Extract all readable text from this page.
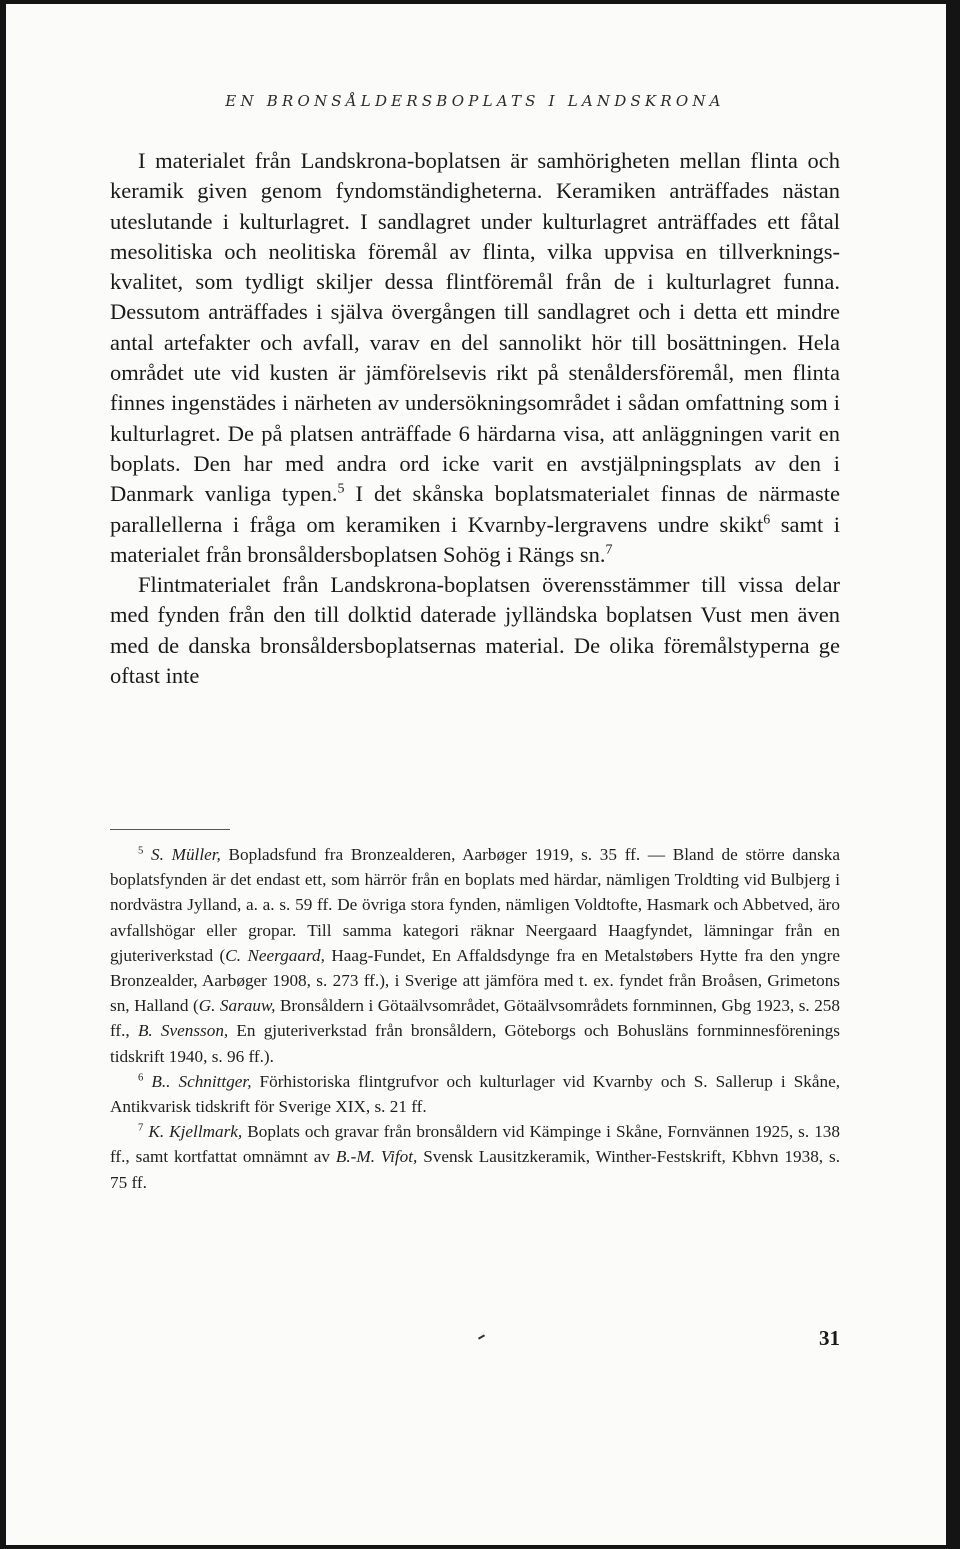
EN BRONSÅLDERSBOPLATS I LANDSKRONA

I materialet från Landskrona-boplatsen är samhörigheten mellan flinta och keramik given genom fyndomständigheterna. Keramiken anträffades nästan uteslutande i kulturlagret. I sandlagret under kulturlagret anträffades ett fåtal mesolitiska och neolitiska föremål av flinta, vilka uppvisa en tillverkningskvalitet, som tydligt skiljer dessa flintföremål från de i kulturlagret funna. Dessutom anträffades i själva övergången till sandlagret och i detta ett mindre antal artefakter och avfall, varav en del sannolikt hör till bosättningen. Hela området ute vid kusten är jämförelsevis rikt på stenåldersföremål, men flinta finnes ingenstädes i närheten av undersökningsområdet i sådan omfattning som i kulturlagret. De på platsen anträffade 6 härdarna visa, att anläggningen varit en boplats. Den har med andra ord icke varit en avstjälpningsplats av den i Danmark vanliga typen.$^5$ I det skånska boplatsmaterialet finnas de närmaste parallellerna i fråga om keramiken i Kvarnby-lergravens undre skikt$^6$ samt i materialet från bronsåldersboplatsen Sohög i Rängs sn.$^7$

Flintmaterialet från Landskrona-boplatsen överensstämmer till vissa delar med fynden från den till dolktid daterade jylländska boplatsen Vust men även med de danska bronsåldersboplatsernas material. De olika föremålstyperna ge oftast inte

$^5$ S. Müller, Bopladsfund fra Bronzealderen, Aarbøger 1919, s. 35 ff. — Bland de större danska boplatsfynden är det endast ett, som härrör från en boplats med härdar, nämligen Troldting vid Bulbjerg i nordvästra Jylland, a. a. s. 59 ff. De övriga stora fynden, nämligen Voldtofte, Hasmark och Abbetved, äro avfallshögar eller gropar. Till samma kategori räknar Neergaard Haagfyndet, lämningar från en gjuteriverkstad (C. Neergaard, Haag-Fundet, En Affaldsdynge fra en Metalstøbers Hytte fra den yngre Bronzealder, Aarbøger 1908, s. 273 ff.), i Sverige att jämföra med t. ex. fyndet från Broåsen, Grimetons sn, Halland (G. Sarauw, Bronsåldern i Götaälvsområdet, Götaälvsområdets fornminnen, Gbg 1923, s. 258 ff., B. Svensson, En gjuteriverkstad från bronsåldern, Göteborgs och Bohusläns fornminnesförenings tidskrift 1940, s. 96 ff.).

$^6$ B.. Schnittger, Förhistoriska flintgrufvor och kulturlager vid Kvarnby och S. Sallerup i Skåne, Antikvarisk tidskrift för Sverige XIX, s. 21 ff.

$^7$ K. Kjellmark, Boplats och gravar från bronsåldern vid Kämpinge i Skåne, Fornvännen 1925, s. 138 ff., samt kortfattat omnämnt av B.-M. Vifot, Svensk Lausitzkeramik, Winther-Festskrift, Kbhvn 1938, s. 75 ff.

31
